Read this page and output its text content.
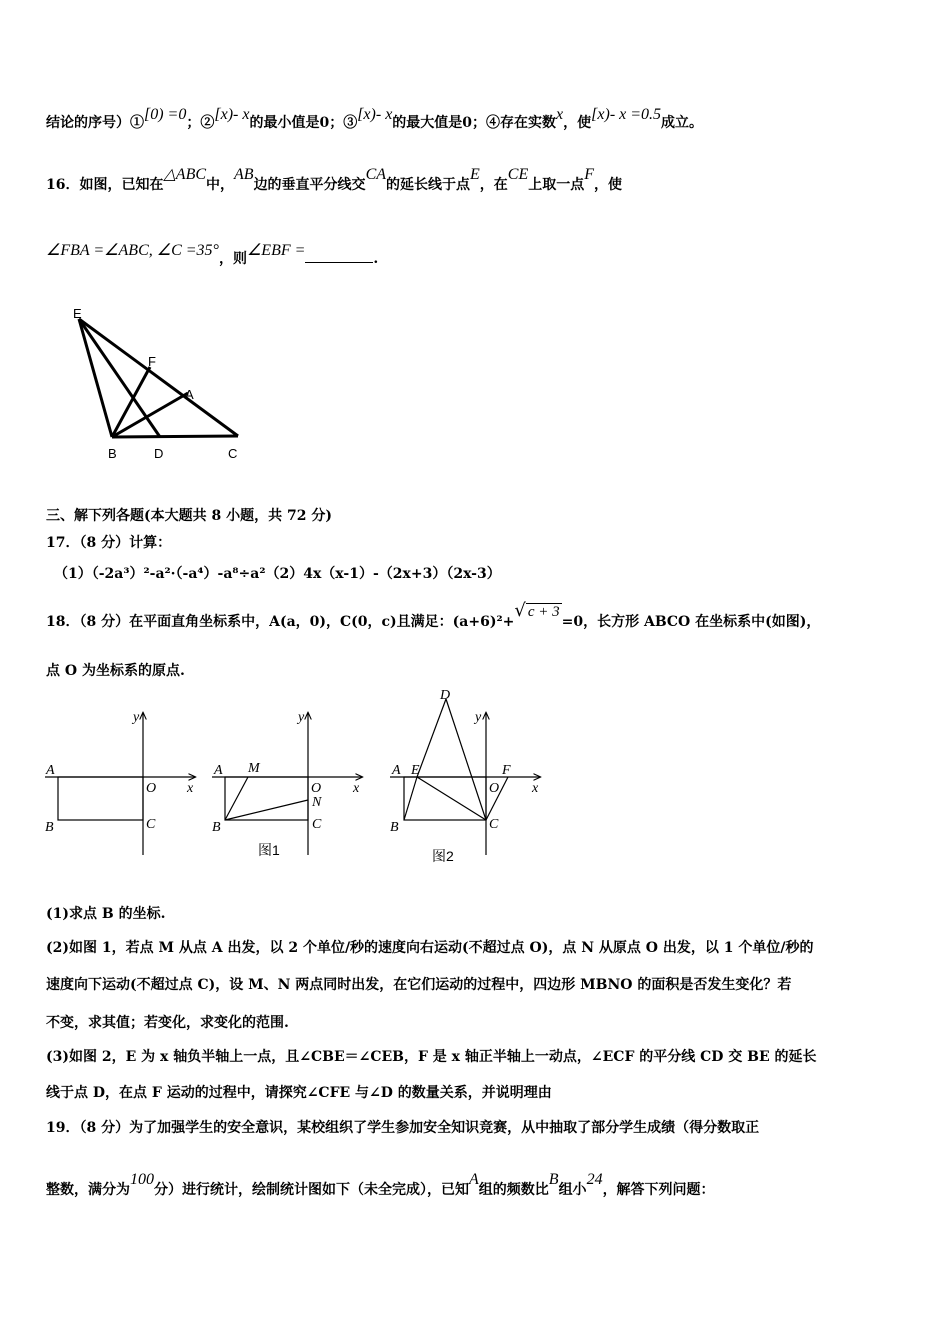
结论的序号）①[0) =0；②[x)- x的最小值是0；③[x)- x的最大值是0；④存在实数x，使[x)- x =0.5成立。
16．如图，已知在△ABC中，AB边的垂直平分线交CA的延长线于点E，在CE上取一点F，使
∠FBA =∠ABC, ∠C =35°，则∠EBF =	.
E
F
A
B	D	C
三、解下列各题(本大题共 8 小题，共 72 分)
17．（8 分）计算：
（1）（-2a³）²-a²·（-a⁴）-a⁸÷a²（2）4x（x-1）-（2x+3）（2x-3）
18．（8 分）在平面直角坐标系中，A(a，0)，C(0，c)且满足：(a+6)²+√ c + 3=0，长方形 ABCO 在坐标系中(如图)，
点 O 为坐标系的原点.
y
x
A
B	C
O
y
x
A M
O
N
B	C
图1
D
y
x
A E
O
F
B	C
图2
(1)求点 B 的坐标.
(2)如图 1，若点 M 从点 A 出发，以 2 个单位/秒的速度向右运动(不超过点 O)，点 N 从原点 O 出发，以 1 个单位/秒的
速度向下运动(不超过点 C)，设 M、N 两点同时出发，在它们运动的过程中，四边形 MBNO 的面积是否发生变化？若
不变，求其值；若变化，求变化的范围.
(3)如图 2，E 为 x 轴负半轴上一点，且∠CBE＝∠CEB，F 是 x 轴正半轴上一动点，∠ECF 的平分线 CD 交 BE 的延长
线于点 D，在点 F 运动的过程中，请探究∠CFE 与∠D 的数量关系，并说明理由
19．（8 分）为了加强学生的安全意识，某校组织了学生参加安全知识竞赛，从中抽取了部分学生成绩（得分数取正
整数，满分为100分）进行统计，绘制统计图如下（未全完成），已知A组的频数比B组小24，解答下列问题：
